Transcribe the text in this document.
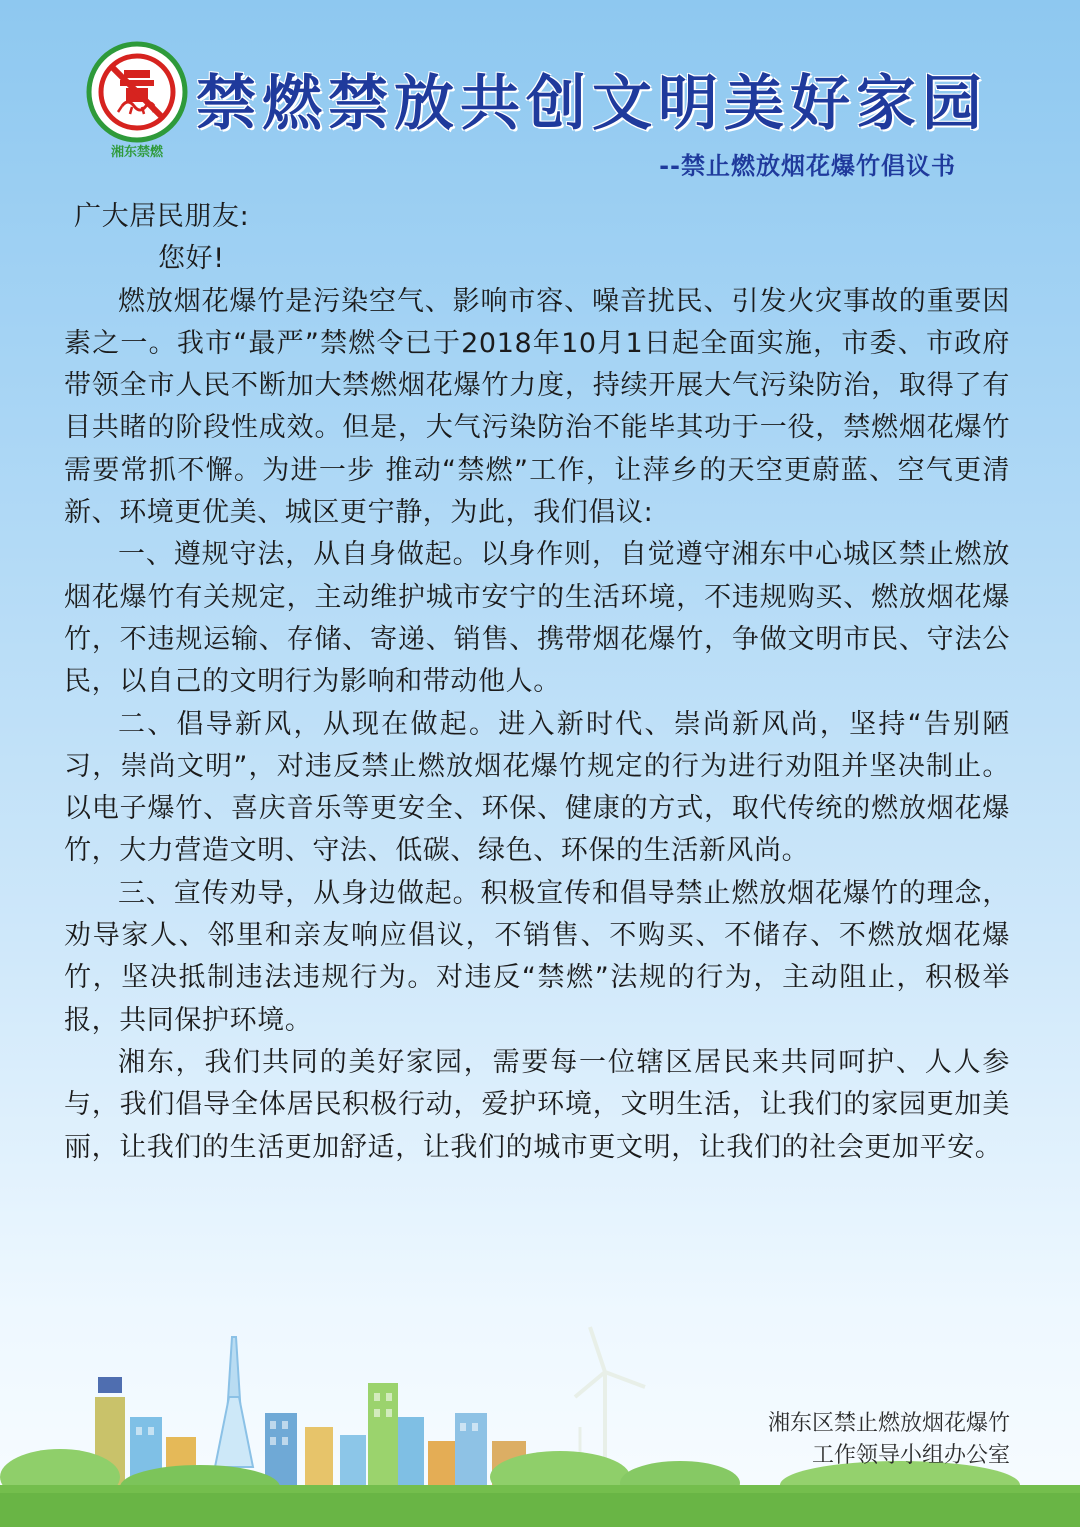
湘东禁燃
禁燃禁放共创文明美好家园
--禁止燃放烟花爆竹倡议书

广大居民朋友:

您好!

燃放烟花爆竹是污染空气、影响市容、噪音扰民、引发火灾事故的重要因素之一。我市“最严”禁燃令已于2018年10月1日起全面实施，市委、市政府带领全市人民不断加大禁燃烟花爆竹力度，持续开展大气污染防治，取得了有目共睹的阶段性成效。但是，大气污染防治不能毕其功于一役，禁燃烟花爆竹需要常抓不懈。为进一步 推动“禁燃”工作，让萍乡的天空更蔚蓝、空气更清新、环境更优美、城区更宁静，为此，我们倡议:

一、遵规守法，从自身做起。以身作则，自觉遵守湘东中心城区禁止燃放烟花爆竹有关规定，主动维护城市安宁的生活环境，不违规购买、燃放烟花爆竹，不违规运输、存储、寄递、销售、携带烟花爆竹，争做文明市民、守法公民，以自己的文明行为影响和带动他人。

二、倡导新风，从现在做起。进入新时代、崇尚新风尚，坚持“告别陋习，崇尚文明”，对违反禁止燃放烟花爆竹规定的行为进行劝阻并坚决制止。以电子爆竹、喜庆音乐等更安全、环保、健康的方式，取代传统的燃放烟花爆竹，大力营造文明、守法、低碳、绿色、环保的生活新风尚。

三、宣传劝导，从身边做起。积极宣传和倡导禁止燃放烟花爆竹的理念，劝导家人、邻里和亲友响应倡议，不销售、不购买、不储存、不燃放烟花爆竹，坚决抵制违法违规行为。对违反“禁燃”法规的行为，主动阻止，积极举报，共同保护环境。

湘东，我们共同的美好家园，需要每一位辖区居民来共同呵护、人人参与，我们倡导全体居民积极行动，爱护环境，文明生活，让我们的家园更加美丽，让我们的生活更加舒适，让我们的城市更文明，让我们的社会更加平安。

湘东区禁止燃放烟花爆竹
工作领导小组办公室
